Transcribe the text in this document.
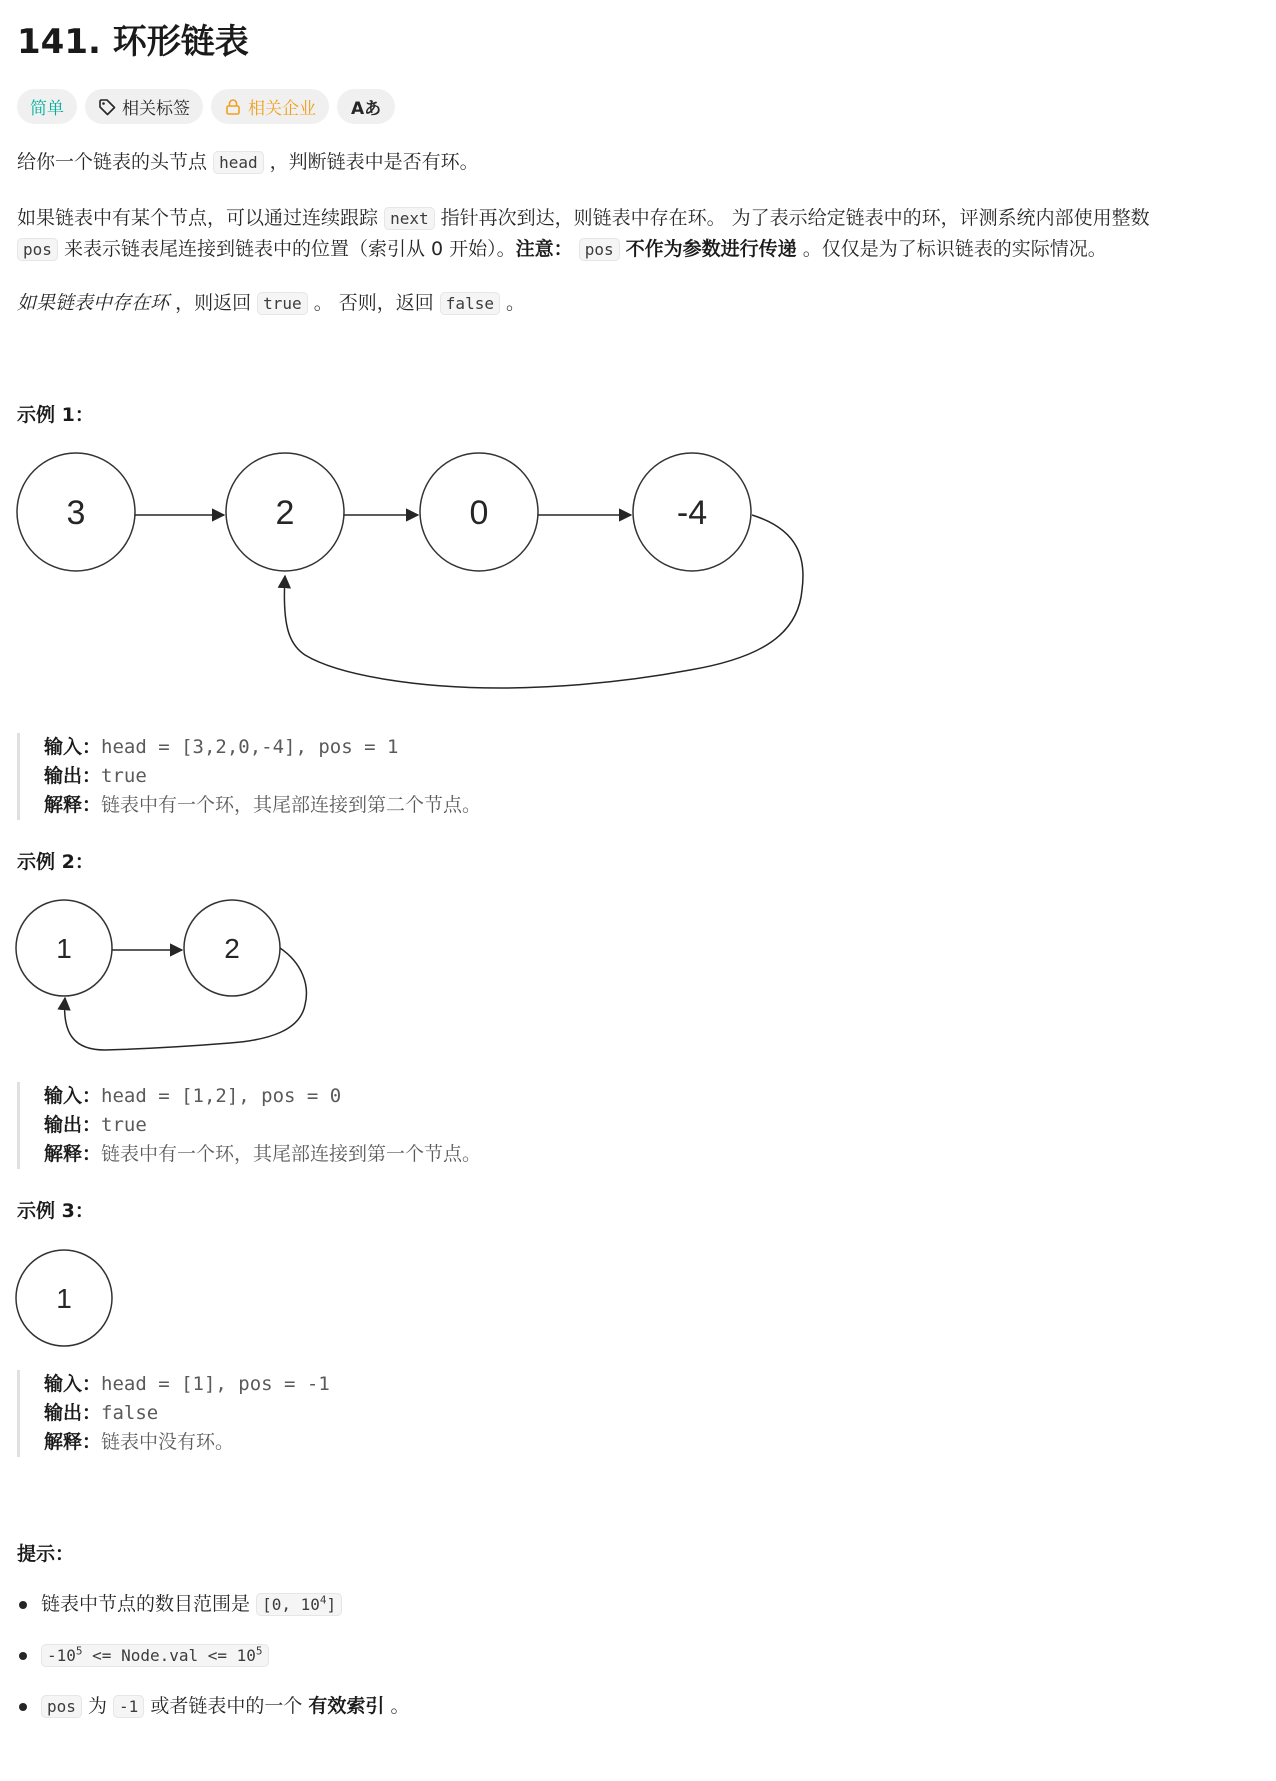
141. 环形链表
简单	相关标签	相关企业	Aあ

给你一个链表的头节点 head ，判断链表中是否有环。

如果链表中有某个节点，可以通过连续跟踪 next 指针再次到达，则链表中存在环。 为了表示给定链表中的环，评测系统内部使用整数

pos 来表示链表尾连接到链表中的位置（索引从 0 开始）。注意： pos 不作为参数进行传递 。仅仅是为了标识链表的实际情况。

如果链表中存在环 ，则返回 true 。 否则，返回 false 。

示例 1：
3	2	0	-4
输入：head = [3,2,0,-4], pos = 1
输出：true
解释：链表中有一个环，其尾部连接到第二个节点。
示例 2：
1	2
输入：head = [1,2], pos = 0
输出：true
解释：链表中有一个环，其尾部连接到第一个节点。
示例 3：
1
输入：head = [1], pos = -1
输出：false
解释：链表中没有环。
提示：
链表中节点的数目范围是 [0, $10^4$]
$-10^5$ <= Node.val <= $10^5$
pos 为 -1 或者链表中的一个 有效索引 。
